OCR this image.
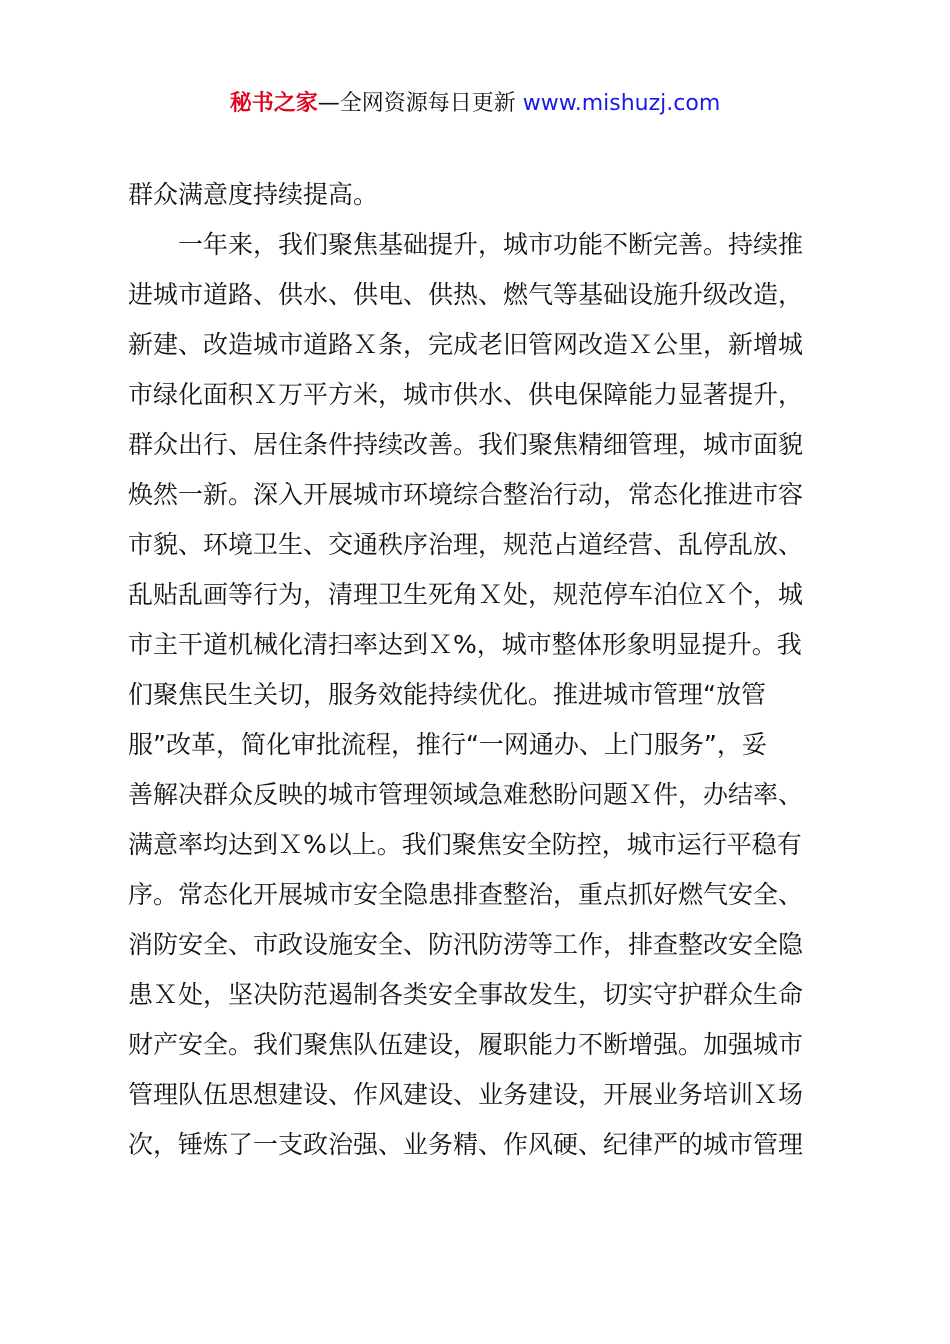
秘书之家—全网资源每日更新 www.mishuzj.com
群众满意度持续提高。
　　一年来，我们聚焦基础提升，城市功能不断完善。持续推
进城市道路、供水、供电、供热、燃气等基础设施升级改造，
新建、改造城市道路Ｘ条，完成老旧管网改造Ｘ公里，新增城
市绿化面积Ｘ万平方米，城市供水、供电保障能力显著提升，
群众出行、居住条件持续改善。我们聚焦精细管理，城市面貌
焕然一新。深入开展城市环境综合整治行动，常态化推进市容
市貌、环境卫生、交通秩序治理，规范占道经营、乱停乱放、
乱贴乱画等行为，清理卫生死角Ｘ处，规范停车泊位Ｘ个，城
市主干道机械化清扫率达到Ｘ%，城市整体形象明显提升。我
们聚焦民生关切，服务效能持续优化。推进城市管理“放管
服”改革，简化审批流程，推行“一网通办、上门服务”，妥
善解决群众反映的城市管理领域急难愁盼问题Ｘ件，办结率、
满意率均达到Ｘ%以上。我们聚焦安全防控，城市运行平稳有
序。常态化开展城市安全隐患排查整治，重点抓好燃气安全、
消防安全、市政设施安全、防汛防涝等工作，排查整改安全隐
患Ｘ处，坚决防范遏制各类安全事故发生，切实守护群众生命
财产安全。我们聚焦队伍建设，履职能力不断增强。加强城市
管理队伍思想建设、作风建设、业务建设，开展业务培训Ｘ场
次，锤炼了一支政治强、业务精、作风硬、纪律严的城市管理
